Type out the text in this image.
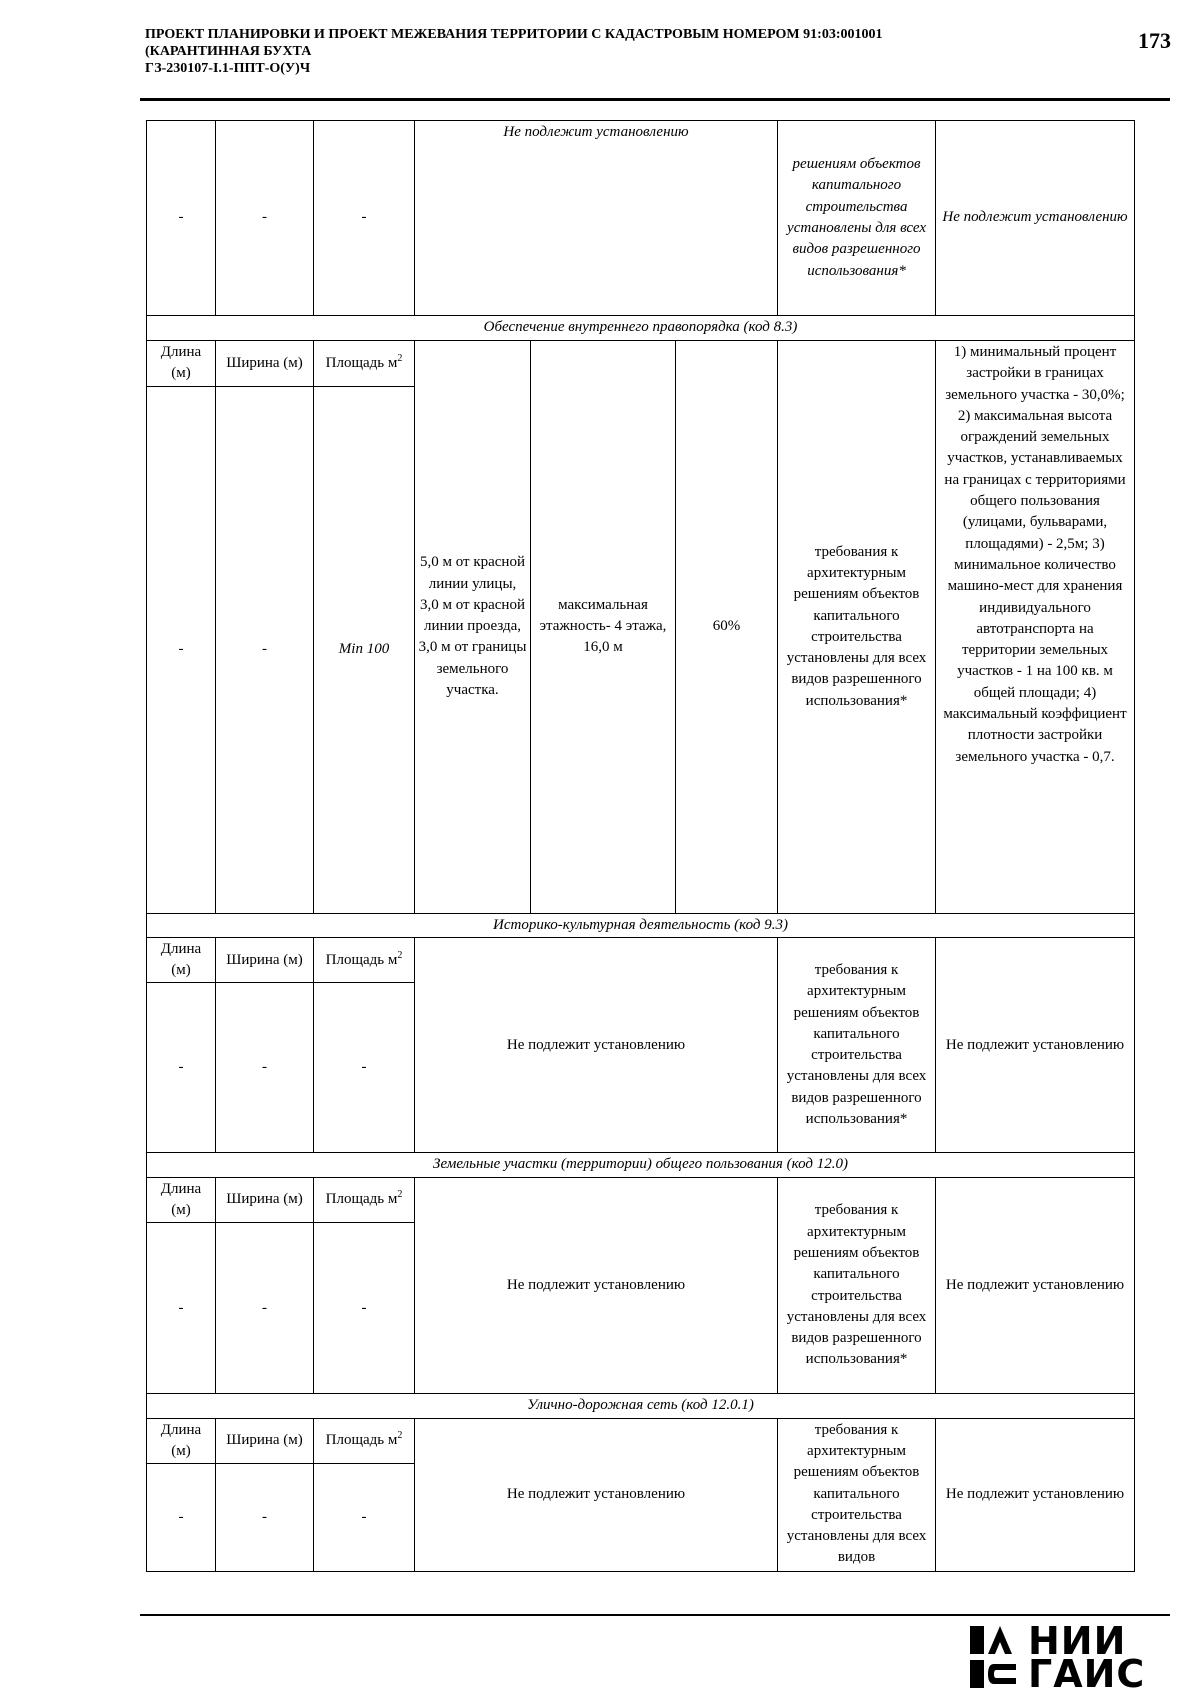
ПРОЕКТ ПЛАНИРОВКИ И ПРОЕКТ МЕЖЕВАНИЯ ТЕРРИТОРИИ С КАДАСТРОВЫМ НОМЕРОМ 91:03:001001
(КАРАНТИННАЯ БУХТА
ГЗ-230107-I.1-ППТ-О(У)Ч
173
-	-	-	Не подлежит установлению			решениям объектов капитального строительства установлены для всех видов разрешенного использования*	Не подлежит установлению
Обеспечение внутреннего правопорядка (код 8.3)							
Длина (м)	Ширина (м)	Площадь $м^2$	5,0 м от красной линии улицы, 3,0 м от красной линии проезда, 3,0 м от границы земельного участка.	максимальная этажность- 4 этажа, 16,0 м	60%	требования к архитектурным решениям объектов капитального строительства установлены для всех видов разрешенного использования*	1) минимальный процент застройки в границах земельного участка - 30,0%; 2) максимальная высота ограждений земельных участков, устанавливаемых на границах с территориями общего пользования (улицами, бульварами, площадями) - 2,5м; 3) минимальное количество машино-мест для хранения индивидуального автотранспорта на территории земельных участков - 1 на 100 кв. м общей площади; 4) максимальный коэффициент плотности застройки земельного участка - 0,7.
-	-	Min 100					
Историко-культурная деятельность (код 9.3)							
Длина (м)	Ширина (м)	Площадь $м^2$	Не подлежит установлению			требования к архитектурным решениям объектов капитального строительства установлены для всех видов разрешенного использования*	Не подлежит установлению
-	-	-					
Земельные участки (территории) общего пользования (код 12.0)							
Длина (м)	Ширина (м)	Площадь $м^2$	Не подлежит установлению			требования к архитектурным решениям объектов капитального строительства установлены для всех видов разрешенного использования*	Не подлежит установлению
-	-	-					
Улично-дорожная сеть (код 12.0.1)							
Длина (м)	Ширина (м)	Площадь $м^2$	Не подлежит установлению			требования к архитектурным решениям объектов капитального строительства установлены для всех видов	Не подлежит установлению
-	-	-					
НИИ
ГАИС
